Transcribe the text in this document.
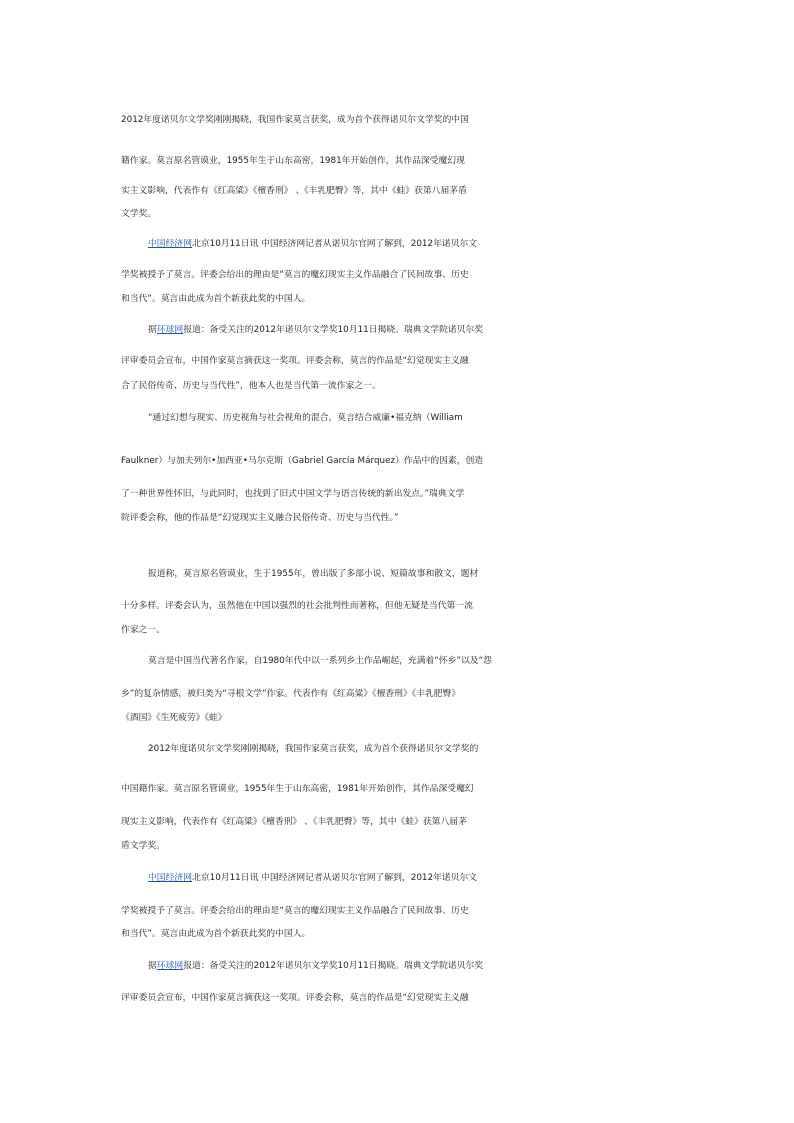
2012年度诺贝尔文学奖刚刚揭晓，我国作家莫言获奖，成为首个获得诺贝尔文学奖的中国
籍作家。莫言原名管谟业，1955年生于山东高密，1981年开始创作，其作品深受魔幻现
实主义影响，代表作有《红高粱》《檀香刑》 、《丰乳肥臀》等，其中《蛙》获第八届茅盾
文学奖。
中国经济网北京10月11日讯 中国经济网记者从诺贝尔官网了解到，2012年诺贝尔文
学奖被授予了莫言。评委会给出的理由是“莫言的魔幻现实主义作品融合了民间故事、历史
和当代”。莫言由此成为首个新获此奖的中国人。
据环球网报道：备受关注的2012年诺贝尔文学奖10月11日揭晓。瑞典文学院诺贝尔奖
评审委员会宣布，中国作家莫言摘获这一奖项。评委会称，莫言的作品是“幻觉现实主义融
合了民俗传奇、历史与当代性”，他本人也是当代第一流作家之一。
“通过幻想与现实、历史视角与社会视角的混合，莫言结合威廉•福克纳（William
Faulkner）与加夫列尔•加西亚•马尔克斯（Gabriel García Márquez）作品中的因素，创造
了一种世界性怀旧，与此同时，也找到了旧式中国文学与语言传统的新出发点。”瑞典文学
院评委会称，他的作品是“幻觉现实主义融合民俗传奇、历史与当代性。”
报道称，莫言原名管谟业，生于1955年，曾出版了多部小说、短篇故事和散文，题材
十分多样。评委会认为，虽然他在中国以强烈的社会批判性而著称，但他无疑是当代第一流
作家之一。
莫言是中国当代著名作家，自1980年代中以一系列乡土作品崛起，充满着“怀乡”以及“怨
乡”的复杂情感，被归类为“寻根文学”作家。代表作有《红高粱》《檀香刑》《丰乳肥臀》
《酒国》《生死疲劳》《蛙》
2012年度诺贝尔文学奖刚刚揭晓，我国作家莫言获奖，成为首个获得诺贝尔文学奖的
中国籍作家。莫言原名管谟业，1955年生于山东高密，1981年开始创作，其作品深受魔幻
现实主义影响，代表作有《红高粱》《檀香刑》 、《丰乳肥臀》等，其中《蛙》获第八届茅
盾文学奖。
中国经济网北京10月11日讯 中国经济网记者从诺贝尔官网了解到，2012年诺贝尔文
学奖被授予了莫言。评委会给出的理由是“莫言的魔幻现实主义作品融合了民间故事、历史
和当代”。莫言由此成为首个新获此奖的中国人。
据环球网报道：备受关注的2012年诺贝尔文学奖10月11日揭晓。瑞典文学院诺贝尔奖
评审委员会宣布，中国作家莫言摘获这一奖项。评委会称，莫言的作品是“幻觉现实主义融
